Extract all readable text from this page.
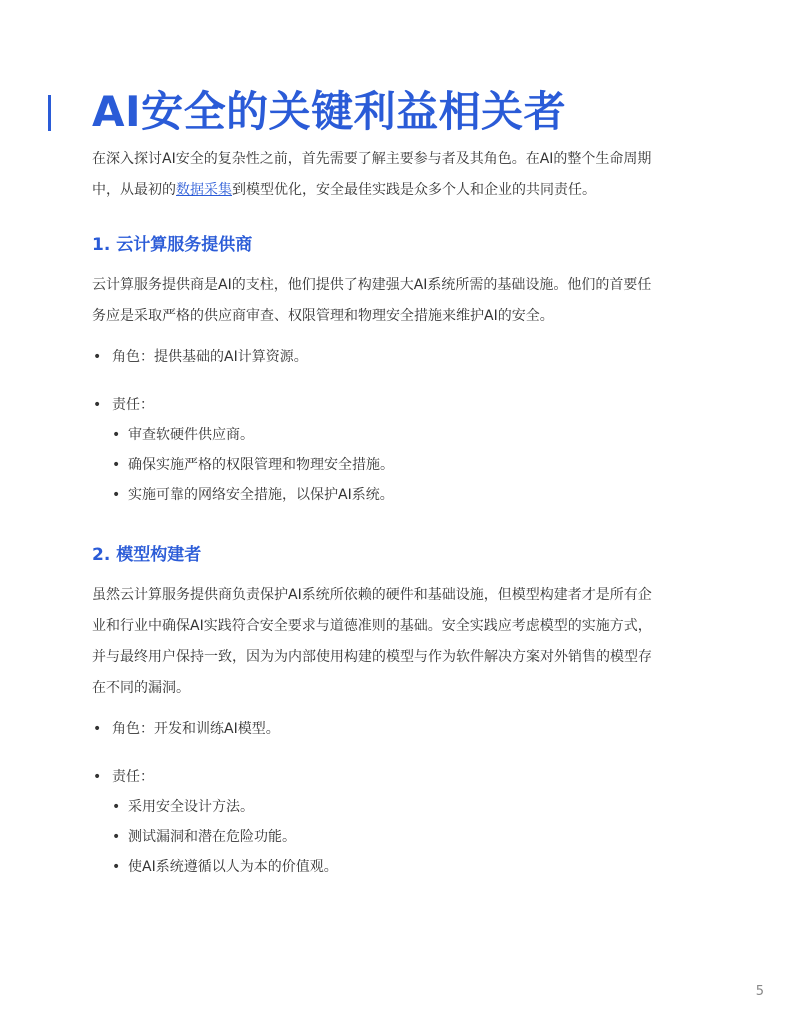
AI安全的关键利益相关者

在深入探讨AI安全的复杂性之前，首先需要了解主要参与者及其角色。在AI的整个生命周期中，从最初的数据采集到模型优化，安全最佳实践是众多个人和企业的共同责任。

1. 云计算服务提供商

云计算服务提供商是AI的支柱，他们提供了构建强大AI系统所需的基础设施。他们的首要任务应是采取严格的供应商审查、权限管理和物理安全措施来维护AI的安全。

• 角色：提供基础的AI计算资源。
• 责任：
• 审查软硬件供应商。
• 确保实施严格的权限管理和物理安全措施。
• 实施可靠的网络安全措施，以保护AI系统。
2. 模型构建者

虽然云计算服务提供商负责保护AI系统所依赖的硬件和基础设施，但模型构建者才是所有企业和行业中确保AI实践符合安全要求与道德准则的基础。安全实践应考虑模型的实施方式，并与最终用户保持一致，因为为内部使用构建的模型与作为软件解决方案对外销售的模型存在不同的漏洞。

• 角色：开发和训练AI模型。
• 责任：
• 采用安全设计方法。
• 测试漏洞和潜在危险功能。
• 使AI系统遵循以人为本的价值观。
5
